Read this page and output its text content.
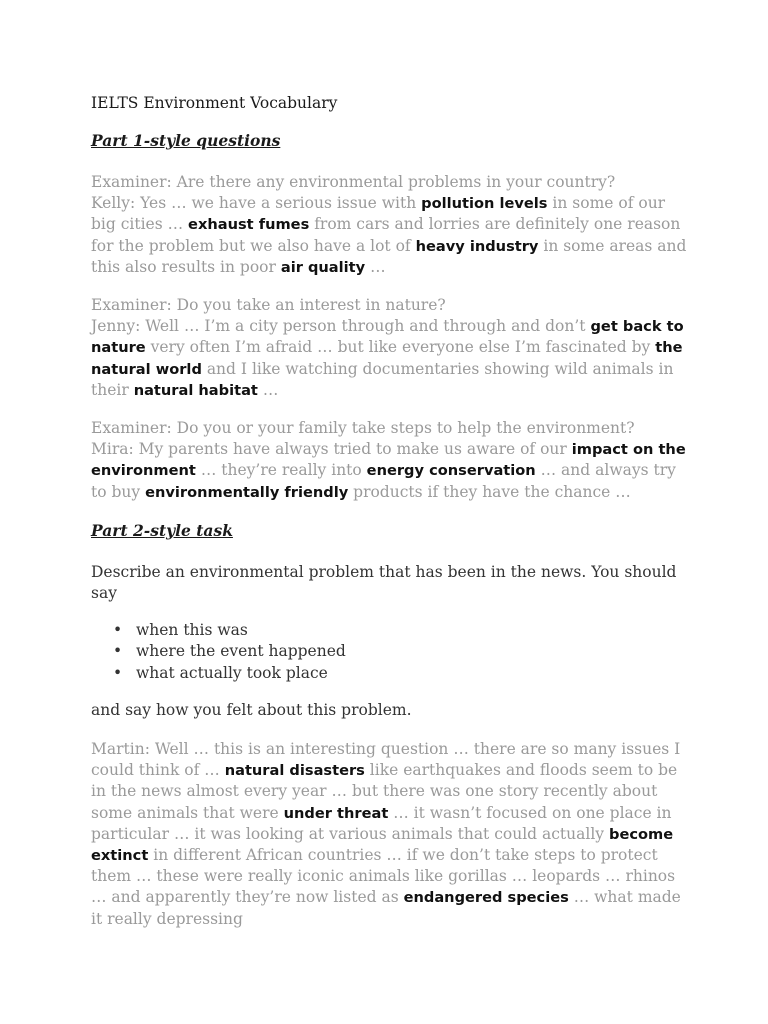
IELTS Environment Vocabulary
Part 1-style questions

Examiner: Are there any environmental problems in your country?

Kelly: Yes … we have a serious issue with pollution levels in some of our big cities … exhaust fumes from cars and lorries are definitely one reason for the problem but we also have a lot of heavy industry in some areas and this also results in poor air quality …

Examiner: Do you take an interest in nature?

Jenny: Well … I’m a city person through and through and don’t get back to nature very often I’m afraid … but like everyone else I’m fascinated by the natural world and I like watching documentaries showing wild animals in their natural habitat …

Examiner: Do you or your family take steps to help the environment?

Mira: My parents have always tried to make us aware of our impact on the environment … they’re really into energy conservation … and always try to buy environmentally friendly products if they have the chance …

Part 2-style task
Describe an environmental problem that has been in the news. You should say
• when this was
• where the event happened
• what actually took place
and say how you felt about this problem.

Martin: Well … this is an interesting question … there are so many issues I could think of … natural disasters like earthquakes and floods seem to be in the news almost every year … but there was one story recently about some animals that were under threat … it wasn’t focused on one place in particular … it was looking at various animals that could actually become extinct in different African countries … if we don’t take steps to protect them … these were really iconic animals like gorillas … leopards … rhinos … and apparently they’re now listed as endangered species … what made it really depressing
